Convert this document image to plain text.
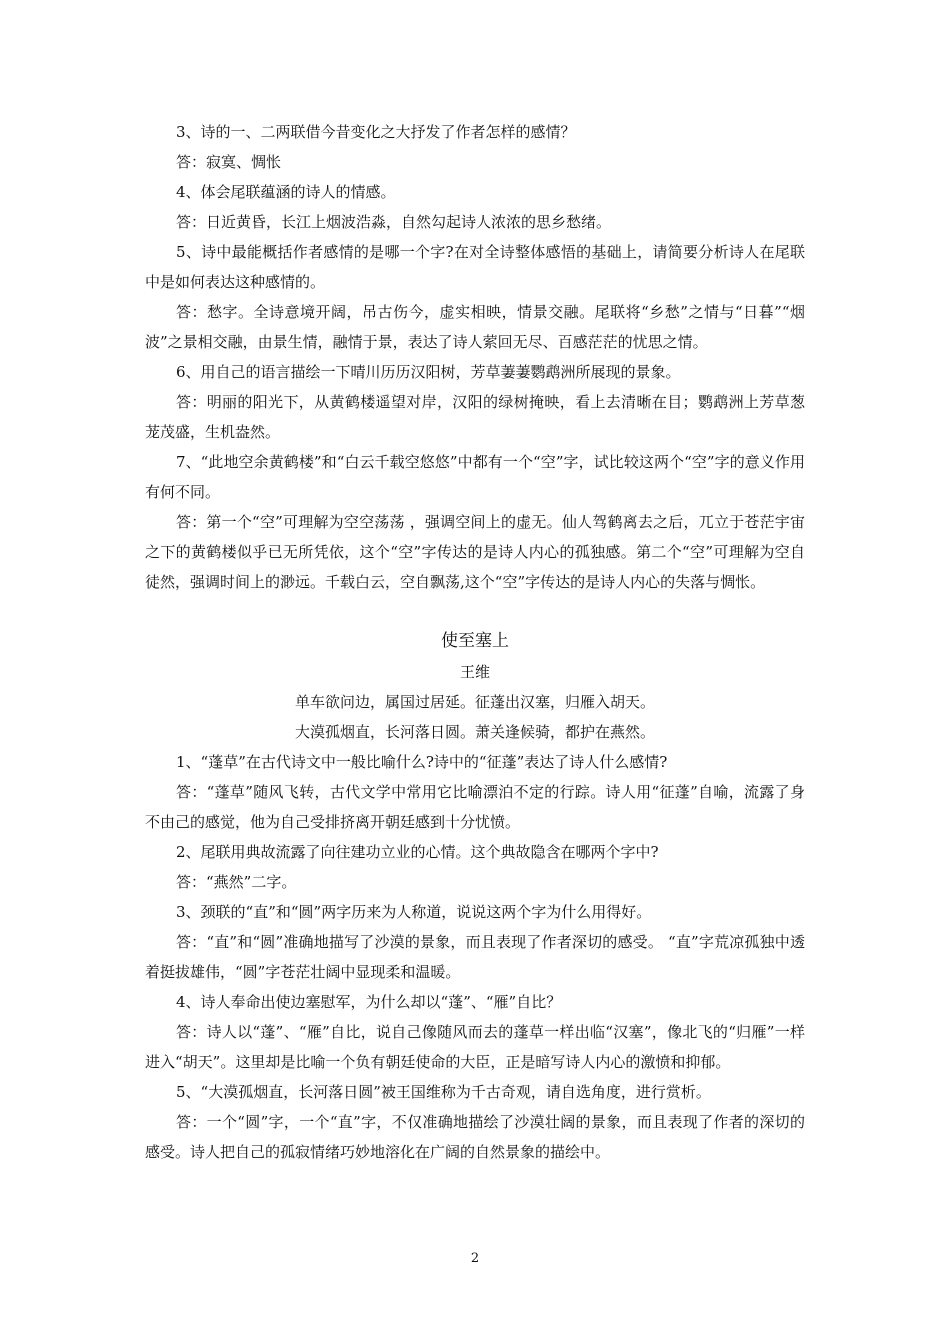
3、诗的一、二两联借今昔变化之大抒发了作者怎样的感情？

答：寂寞、惆怅

4、体会尾联蕴涵的诗人的情感。

答：日近黄昏，长江上烟波浩淼，自然勾起诗人浓浓的思乡愁绪。

5、诗中最能概括作者感情的是哪一个字?在对全诗整体感悟的基础上，请简要分析诗人在尾联中是如何表达这种感情的。

答：愁字。全诗意境开阔，吊古伤今，虚实相映，情景交融。尾联将“乡愁”之情与“日暮”“烟波”之景相交融，由景生情，融情于景，表达了诗人萦回无尽、百感茫茫的忧思之情。

6、用自己的语言描绘一下晴川历历汉阳树，芳草萋萋鹦鹉洲所展现的景象。

答：明丽的阳光下，从黄鹤楼遥望对岸，汉阳的绿树掩映，看上去清晰在目；鹦鹉洲上芳草葱茏茂盛，生机盎然。

7、“此地空余黄鹤楼”和“白云千载空悠悠”中都有一个“空”字，试比较这两个“空”字的意义作用有何不同。

答：第一个“空”可理解为空空荡荡 ，强调空间上的虚无。仙人驾鹤离去之后，兀立于苍茫宇宙之下的黄鹤楼似乎已无所凭依，这个“空”字传达的是诗人内心的孤独感。第二个“空”可理解为空自徒然，强调时间上的渺远。千载白云，空自飘荡,这个“空”字传达的是诗人内心的失落与惆怅。

使至塞上

王维

单车欲问边，属国过居延。征蓬出汉塞，归雁入胡天。

大漠孤烟直，长河落日圆。萧关逢候骑，都护在燕然。

1、“蓬草”在古代诗文中一般比喻什么?诗中的“征蓬”表达了诗人什么感情?

答：“蓬草”随风飞转，古代文学中常用它比喻漂泊不定的行踪。诗人用“征蓬”自喻，流露了身不由己的感觉，他为自己受排挤离开朝廷感到十分忧愤。

2、尾联用典故流露了向往建功立业的心情。这个典故隐含在哪两个字中?

答：“燕然”二字。

3、颈联的“直”和“圆”两字历来为人称道，说说这两个字为什么用得好。

答：“直”和“圆”准确地描写了沙漠的景象，而且表现了作者深切的感受。 “直”字荒凉孤独中透着挺拔雄伟，“圆”字苍茫壮阔中显现柔和温暖。

4、诗人奉命出使边塞慰军，为什么却以“蓬”、“雁”自比？

答：诗人以“蓬”、“雁”自比，说自己像随风而去的蓬草一样出临“汉塞”，像北飞的“归雁”一样进入“胡天”。这里却是比喻一个负有朝廷使命的大臣，正是暗写诗人内心的激愤和抑郁。

5、“大漠孤烟直，长河落日圆”被王国维称为千古奇观，请自选角度，进行赏析。

答：一个“圆”字，一个“直”字，不仅准确地描绘了沙漠壮阔的景象，而且表现了作者的深切的感受。诗人把自己的孤寂情绪巧妙地溶化在广阔的自然景象的描绘中。

2
